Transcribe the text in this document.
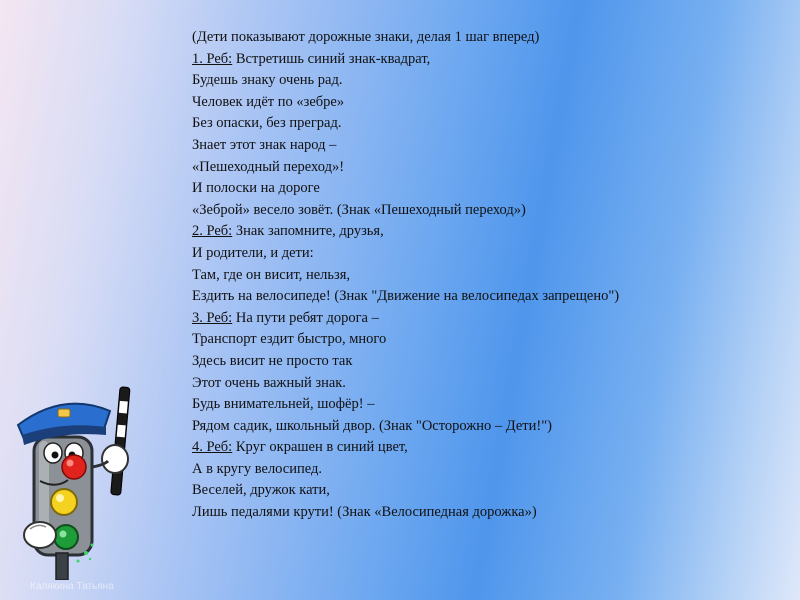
(Дети показывают дорожные знаки, делая 1 шаг вперед)
1. Реб: Встретишь синий знак-квадрат,
Будешь знаку очень рад.
Человек идёт по «зебре»
Без опаски, без преград.
Знает этот знак народ –
«Пешеходный переход»!
И полоски на дороге
«Зеброй» весело зовёт. (Знак «Пешеходный переход»)
2. Реб: Знак запомните, друзья,
И родители, и дети:
Там, где он висит, нельзя,
Ездить на велосипеде! (Знак "Движение на велосипедах запрещено")
3. Реб: На пути ребят дорога –
Транспорт ездит быстро, много
Здесь висит не просто так
Этот очень важный знак.
Будь внимательней, шофёр! –
Рядом садик, школьный двор. (Знак "Осторожно – Дети!")
4. Реб: Круг окрашен в синий цвет,
А в кругу велосипед.
Веселей, дружок кати,
Лишь педалями крути! (Знак «Велосипедная дорожка»)
Калякина Татьяна
